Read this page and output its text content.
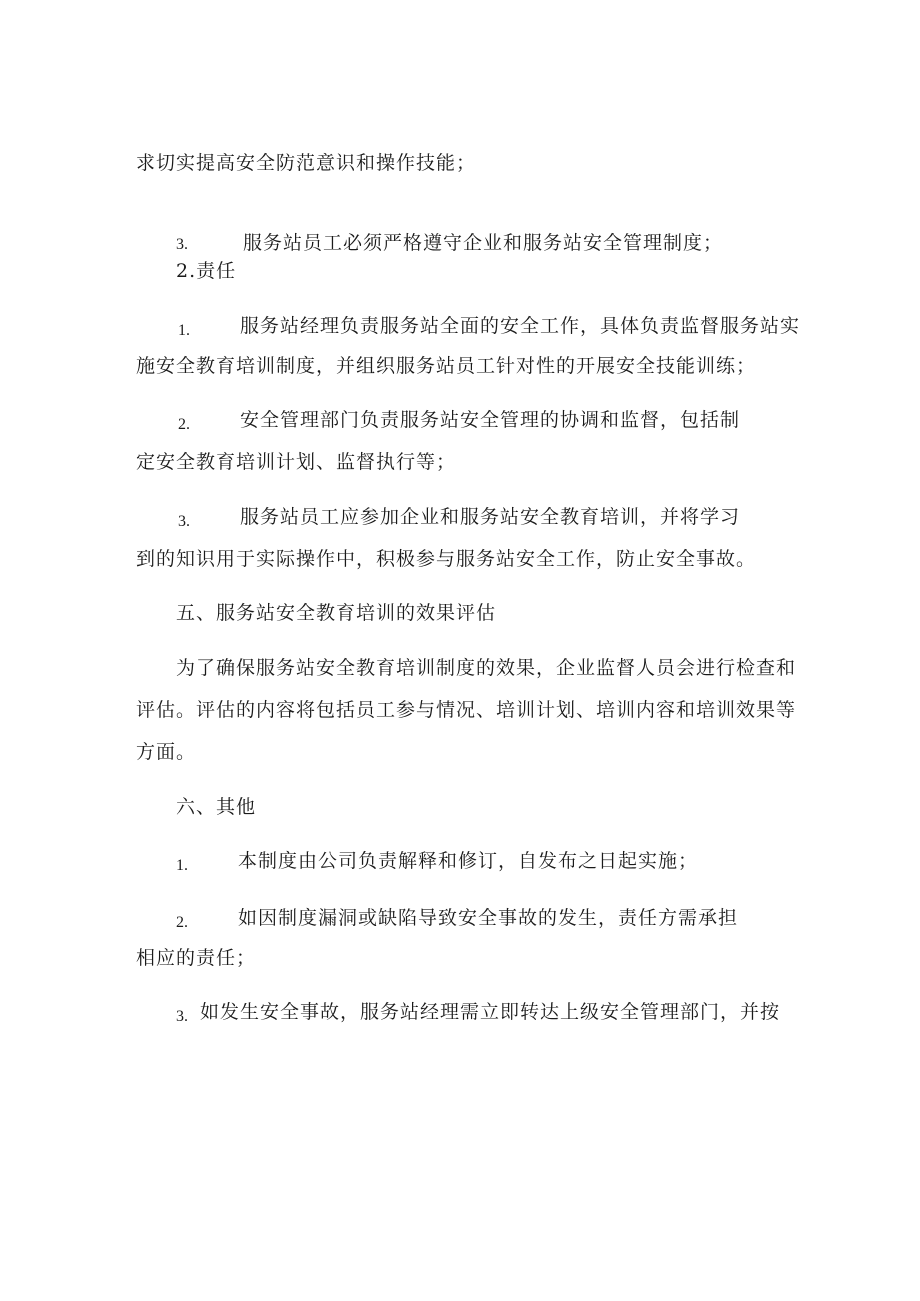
求切实提高安全防范意识和操作技能；
3.	服务站员工必须严格遵守企业和服务站安全管理制度；
2.责任
1.	服务站经理负责服务站全面的安全工作，具体负责监督服务站实
施安全教育培训制度，并组织服务站员工针对性的开展安全技能训练；
2.	安全管理部门负责服务站安全管理的协调和监督，包括制
定安全教育培训计划、监督执行等；
3.	服务站员工应参加企业和服务站安全教育培训，并将学习
到的知识用于实际操作中，积极参与服务站安全工作，防止安全事故。
五、服务站安全教育培训的效果评估
为了确保服务站安全教育培训制度的效果，企业监督人员会进行检查和
评估。评估的内容将包括员工参与情况、培训计划、培训内容和培训效果等
方面。
六、其他
1.	本制度由公司负责解释和修订，自发布之日起实施；
2.	如因制度漏洞或缺陷导致安全事故的发生，责任方需承担
相应的责任；
3. 如发生安全事故，服务站经理需立即转达上级安全管理部门，并按
